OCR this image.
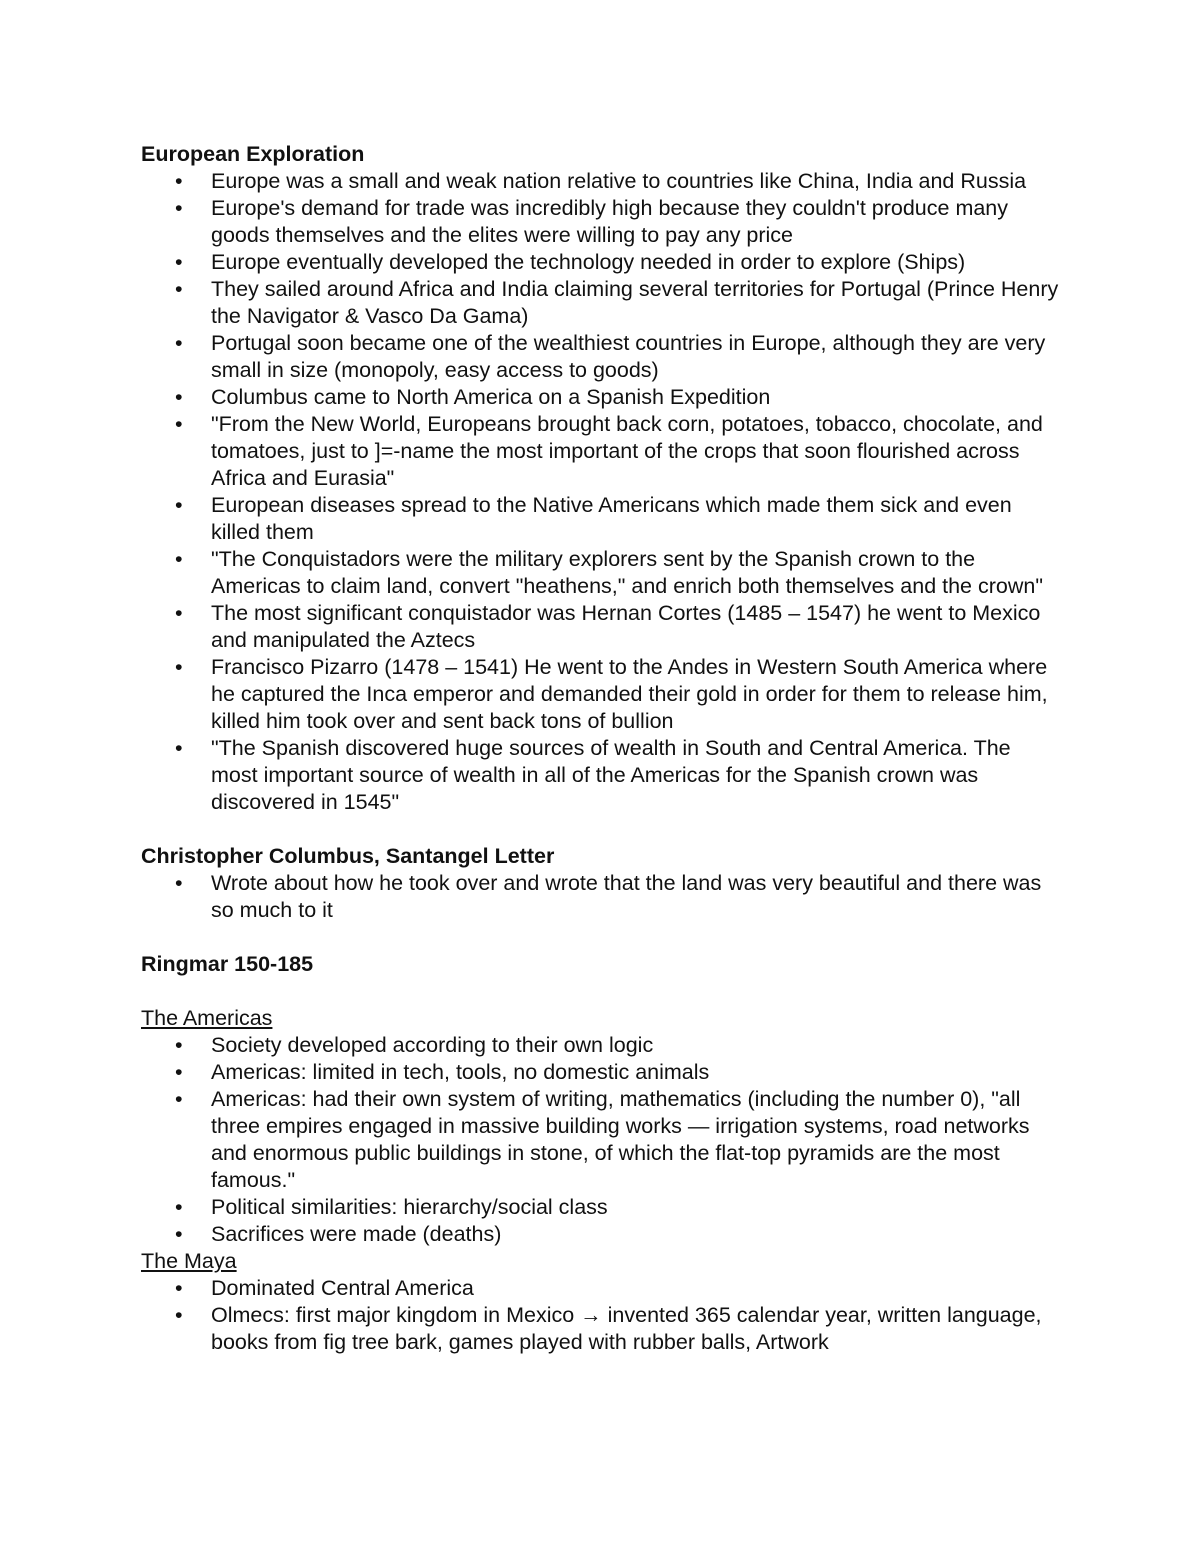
European Exploration

• Europe was a small and weak nation relative to countries like China, India and Russia
• Europe's demand for trade was incredibly high because they couldn't produce many goods themselves and the elites were willing to pay any price
• Europe eventually developed the technology needed in order to explore (Ships)
• They sailed around Africa and India claiming several territories for Portugal (Prince Henry the Navigator & Vasco Da Gama)
• Portugal soon became one of the wealthiest countries in Europe, although they are very small in size (monopoly, easy access to goods)
• Columbus came to North America on a Spanish Expedition
• "From the New World, Europeans brought back corn, potatoes, tobacco, chocolate, and tomatoes, just to ]=-name the most important of the crops that soon flourished across Africa and Eurasia"
• European diseases spread to the Native Americans which made them sick and even killed them
• "The Conquistadors were the military explorers sent by the Spanish crown to the Americas to claim land, convert "heathens," and enrich both themselves and the crown"
• The most significant conquistador was Hernan Cortes (1485 – 1547) he went to Mexico and manipulated the Aztecs
• Francisco Pizarro (1478 – 1541) He went to the Andes in Western South America where he captured the Inca emperor and demanded their gold in order for them to release him, killed him took over and sent back tons of bullion
• "The Spanish discovered huge sources of wealth in South and Central America. The most important source of wealth in all of the Americas for the Spanish crown was discovered in 1545"

Christopher Columbus, Santangel Letter

• Wrote about how he took over and wrote that the land was very beautiful and there was so much to it

Ringmar 150-185

The Americas

• Society developed according to their own logic
• Americas: limited in tech, tools, no domestic animals
• Americas: had their own system of writing, mathematics (including the number 0), "all three empires engaged in massive building works — irrigation systems, road networks and enormous public buildings in stone, of which the flat-top pyramids are the most famous."
• Political similarities: hierarchy/social class
• Sacrifices were made (deaths)

The Maya

• Dominated Central America
• Olmecs: first major kingdom in Mexico → invented 365 calendar year, written language, books from fig tree bark, games played with rubber balls, Artwork
